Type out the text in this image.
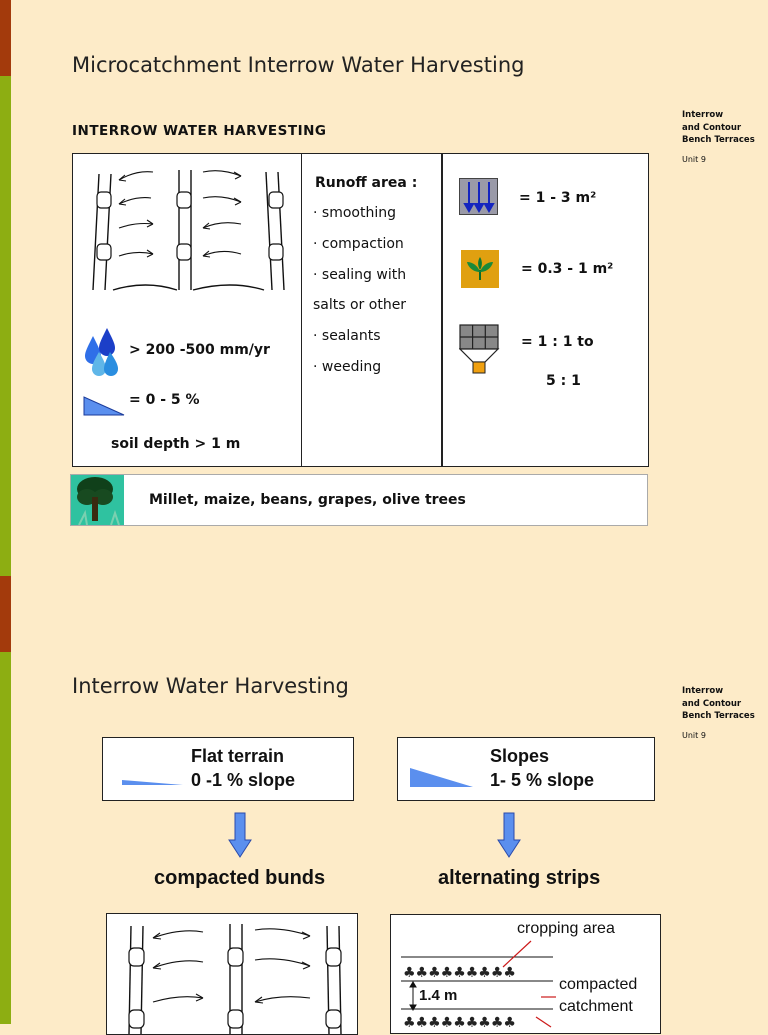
Microcatchment Interrow Water Harvesting
Interrow
and Contour
Bench Terraces
Unit 9
INTERROW WATER HARVESTING
> 200 -500 mm/yr
= 0 - 5 %
soil depth > 1 m
Runoff area :
· smoothing
· compaction
· sealing with
salts or other
· sealants
· weeding
= 1 - 3 m²
= 0.3 - 1 m²
= 1 : 1 to
5 : 1
Millet, maize, beans, grapes, olive trees
Interrow Water Harvesting	Interrow
and Contour
Bench Terraces
Unit 9
Flat terrain
0 -1 % slope
Slopes
1- 5 % slope
compacted bunds	alternating strips
cropping area
compacted
catchment
1.4 m
♣♣♣♣♣♣♣♣♣
♣♣♣♣♣♣♣♣♣
